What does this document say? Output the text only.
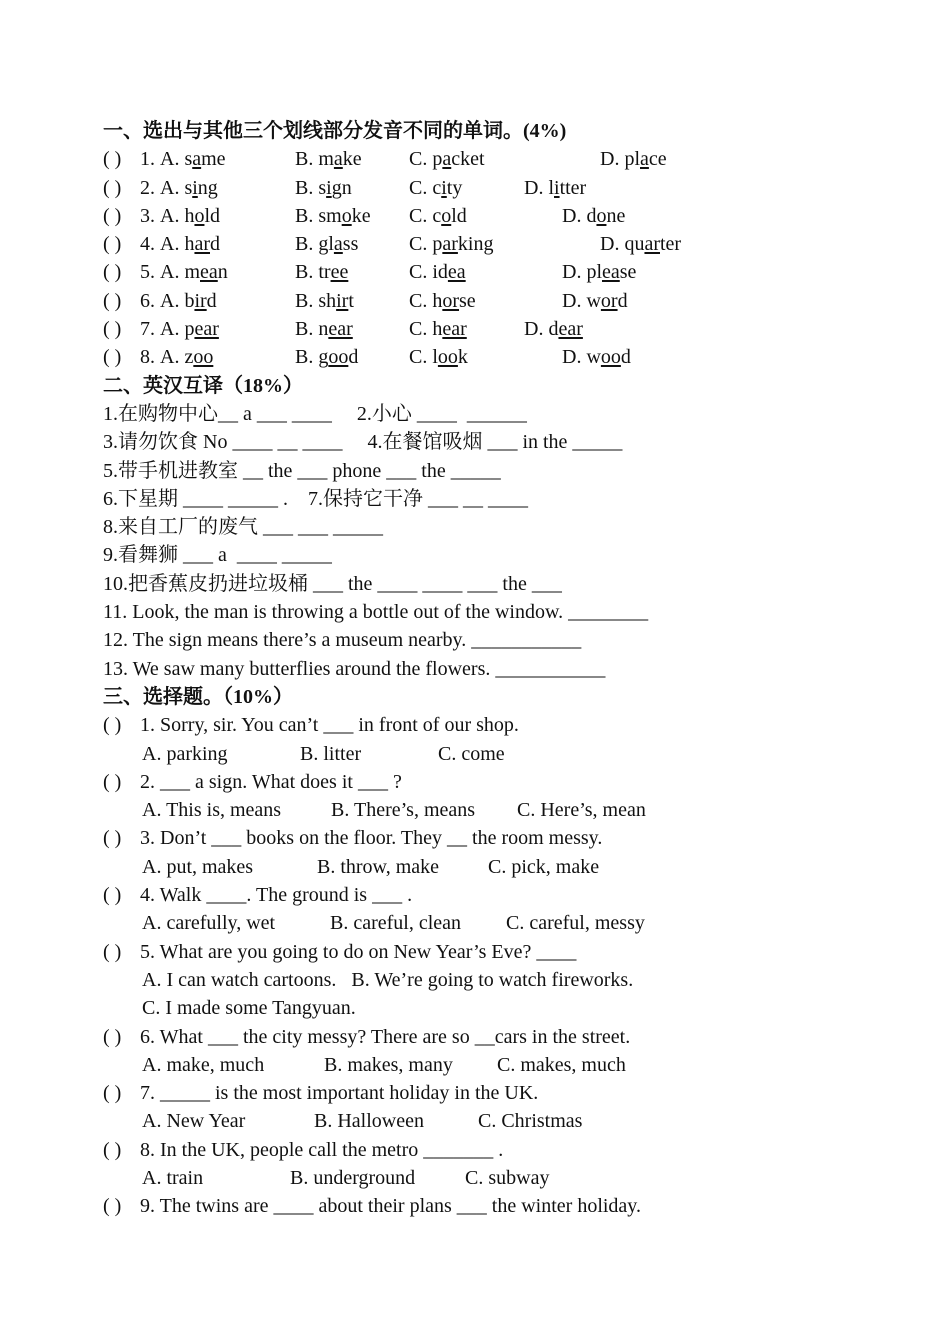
一、选出与其他三个划线部分发音不同的单词。(4%)
( ) 1. A. same	B. make C. packet	D. place
( ) 2. A. sing	B. sign	C. city	D. litter
( ) 3. A. hold	B. smoke C. cold	D. done
( ) 4. A. hard	B. glass	C. parking	D. quarter
( ) 5. A. mean	B. tree	C. idea	D. please
( ) 6. A. bird	B. shirt	C. horse	D. word
( ) 7. A. pear	B. near	C. hear	D. dear
( ) 8. A. zoo	B. good	C. look	D. wood
二、英汉互译（18%）
1.在购物中心__ a ___ ____     2.小心 ____  ______
3.请勿饮食 No ____ __ ____     4.在餐馆吸烟 ___ in the _____
5.带手机进教室 __ the ___ phone ___ the _____
6.下星期 ____ _____ .    7.保持它干净 ___ __ ____
8.来自工厂的废气 ___ ___ _____
9.看舞狮 ___ a  ____ _____
10.把香蕉皮扔进垃圾桶 ___ the ____ ____ ___ the ___
11. Look, the man is throwing a bottle out of the window. ________
12. The sign means there’s a museum nearby. ___________
13. We saw many butterflies around the flowers. ___________
三、选择题。（10%）
( ) 1. Sorry, sir. You can’t ___ in front of our shop.
A. parking	B. litter	C. come
( ) 2. ___ a sign. What does it ___ ?
A. This is, means B. There’s, means C. Here’s, mean
( ) 3. Don’t ___ books on the floor. They __ the room messy.
A. put, makes	B. throw, make C. pick, make
( ) 4. Walk ____. The ground is ___ .
A. carefully, wet	B. careful, clean C. careful, messy
( ) 5. What are you going to do on New Year’s Eve? ____
A. I can watch cartoons.   B. We’re going to watch fireworks.
C. I made some Tangyuan.
( ) 6. What ___ the city messy? There are so __cars in the street.
A. make, much	B. makes, many C. makes, much
( ) 7. _____ is the most important holiday in the UK.
A. New Year	B. Halloween	C. Christmas
( ) 8. In the UK, people call the metro _______ .
A. train	B. underground C. subway
( ) 9. The twins are ____ about their plans ___ the winter holiday.
